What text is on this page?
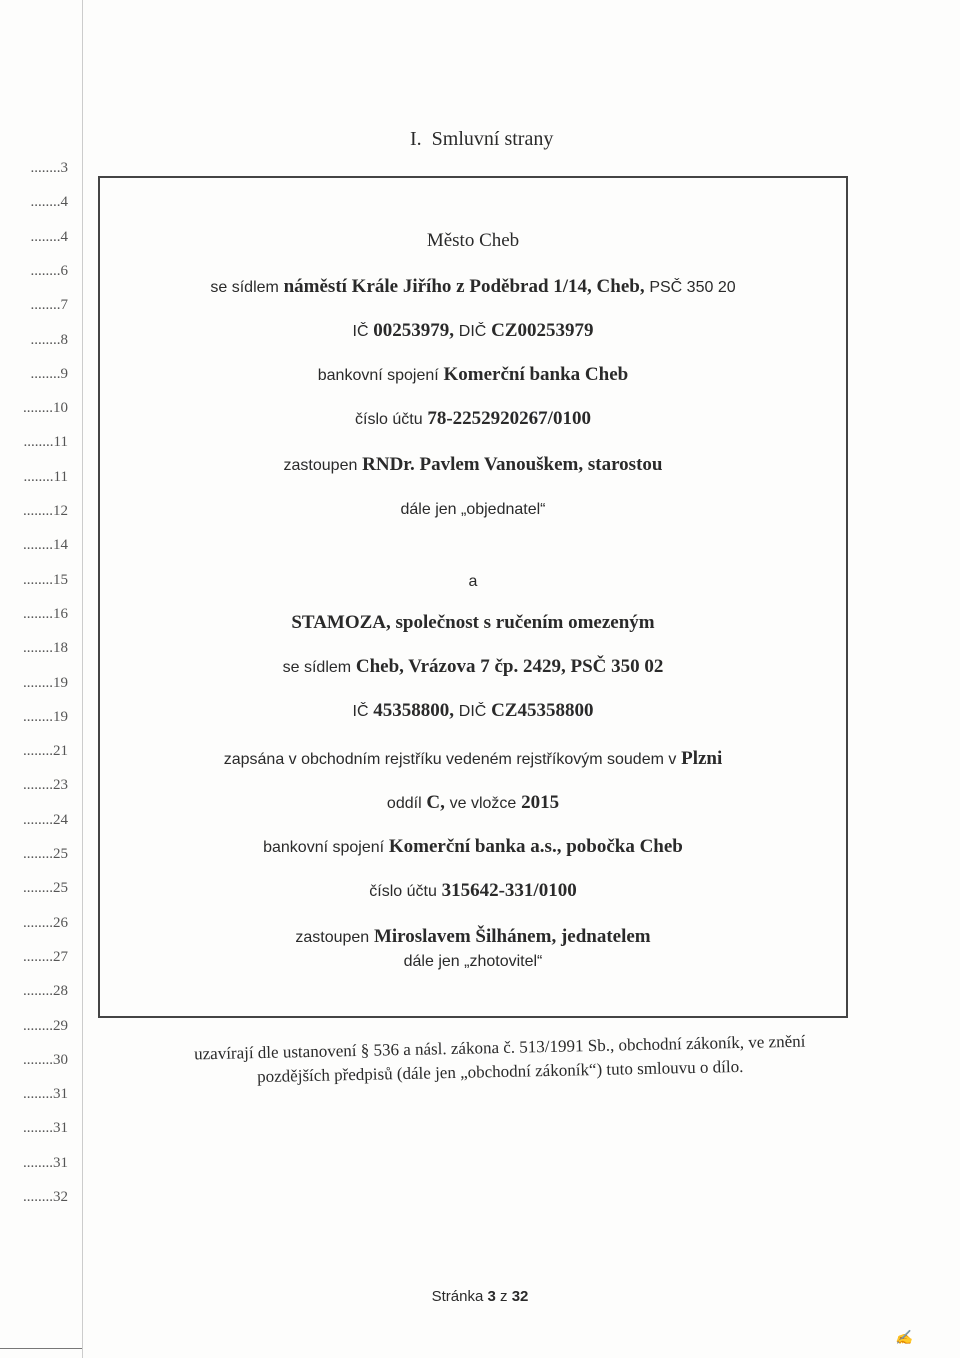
........3
........4
........4
........6
........7
........8
........9
........10
........11
........11
........12
........14
........15
........16
........18
........19
........19
........21
........23
........24
........25
........25
........26
........27
........28
........29
........30
........31
........31
........31
........32
I. Smluvní strany
Město Cheb
se sídlem náměstí Krále Jiřího z Poděbrad 1/14, Cheb, PSČ 350 20
IČ 00253979, DIČ CZ00253979
bankovní spojení Komerční banka Cheb
číslo účtu 78-2252920267/0100
zastoupen RNDr. Pavlem Vanouškem, starostou
dále jen „objednatel“
a
STAMOZA, společnost s ručením omezeným
se sídlem Cheb, Vrázova 7 čp. 2429, PSČ 350 02
IČ 45358800, DIČ CZ45358800
zapsána v obchodním rejstříku vedeném rejstříkovým soudem v Plzni
oddíl C, ve vložce 2015
bankovní spojení Komerční banka a.s., pobočka Cheb
číslo účtu 315642-331/0100
zastoupen Miroslavem Šilhánem, jednatelem
dále jen „zhotovitel“
uzavírají dle ustanovení § 536 a násl. zákona č. 513/1991 Sb., obchodní zákoník, ve znění
pozdějších předpisů (dále jen „obchodní zákoník“) tuto smlouvu o dílo.
Stránka 3 z 32
✍
